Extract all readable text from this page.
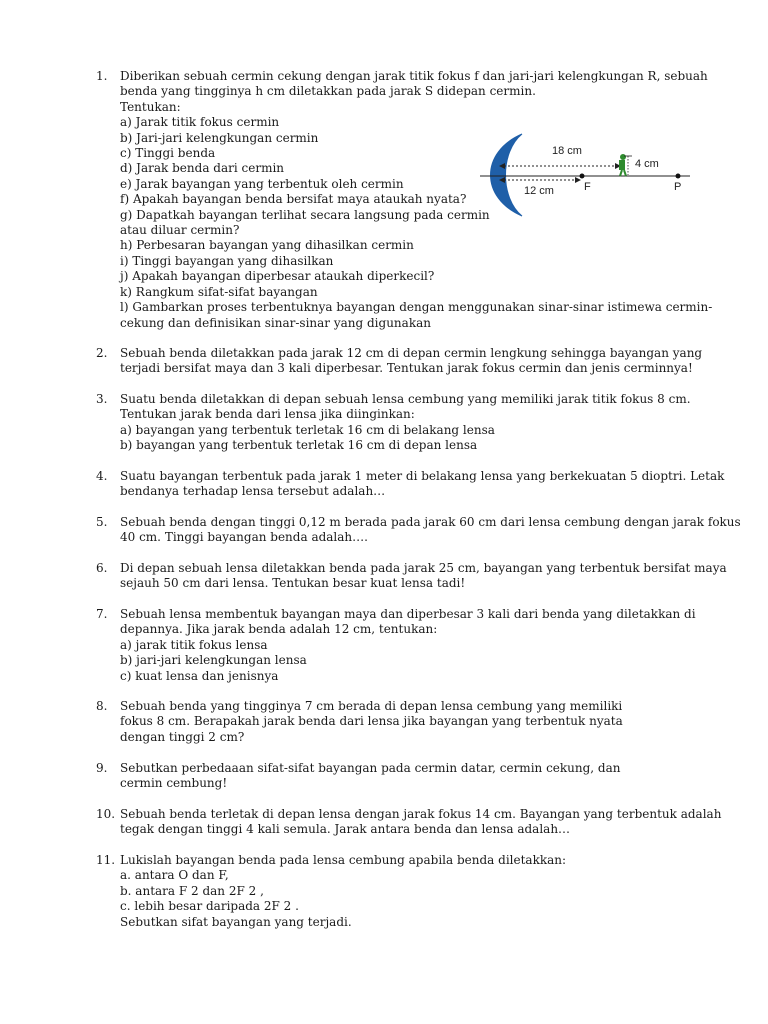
1.	Diberikan sebuah cermin cekung dengan jarak titik fokus f dan jari-jari kelengkungan R, sebuah
benda yang tingginya h cm diletakkan pada jarak S didepan cermin.
Tentukan:
a) Jarak titik fokus cermin
b) Jari-jari kelengkungan cermin
c) Tinggi benda
d) Jarak benda dari cermin
e) Jarak bayangan yang terbentuk oleh cermin
f) Apakah bayangan benda bersifat maya ataukah nyata?
g) Dapatkah bayangan terlihat secara langsung pada cermin
atau diluar cermin?
h) Perbesaran bayangan yang dihasilkan cermin
i) Tinggi bayangan yang dihasilkan
j) Apakah bayangan diperbesar ataukah diperkecil?
k) Rangkum sifat-sifat bayangan
l) Gambarkan proses terbentuknya bayangan dengan menggunakan sinar-sinar istimewa cermin-
cekung dan definisikan sinar-sinar yang digunakan
18 cm
12 cm	F	P
4 cm
2.	Sebuah benda diletakkan pada jarak 12 cm di depan cermin lengkung sehingga bayangan yang
terjadi bersifat maya dan 3 kali diperbesar. Tentukan jarak fokus cermin dan jenis cerminnya!
3.	Suatu benda diletakkan di depan sebuah lensa cembung yang memiliki jarak titik fokus 8 cm.
Tentukan jarak benda dari lensa jika diinginkan:
a) bayangan yang terbentuk terletak 16 cm di belakang lensa
b) bayangan yang terbentuk terletak 16 cm di depan lensa
4.	Suatu bayangan terbentuk pada jarak 1 meter di belakang lensa yang berkekuatan 5 dioptri. Letak
bendanya terhadap lensa tersebut adalah…
5.	Sebuah benda dengan tinggi 0,12 m berada pada jarak 60 cm dari lensa cembung dengan jarak fokus
40 cm. Tinggi bayangan benda adalah….
6.	Di depan sebuah lensa diletakkan benda pada jarak 25 cm, bayangan yang terbentuk bersifat maya
sejauh 50 cm dari lensa. Tentukan besar kuat lensa tadi!
7.	Sebuah lensa membentuk bayangan maya dan diperbesar 3 kali dari benda yang diletakkan di
depannya. Jika jarak benda adalah 12 cm, tentukan:
a) jarak titik fokus lensa
b) jari-jari kelengkungan lensa
c) kuat lensa dan jenisnya
8.	Sebuah benda yang tingginya 7 cm berada di depan lensa cembung yang memiliki
fokus 8 cm. Berapakah jarak benda dari lensa jika bayangan yang terbentuk nyata
dengan tinggi 2 cm?
9.	Sebutkan perbedaaan sifat-sifat bayangan pada cermin datar, cermin cekung, dan
cermin cembung!
10. Sebuah benda terletak di depan lensa dengan jarak fokus 14 cm. Bayangan yang terbentuk adalah
tegak dengan tinggi 4 kali semula. Jarak antara benda dan lensa adalah…
11. Lukislah bayangan benda pada lensa cembung apabila benda diletakkan:
a. antara O dan F,
b. antara F 2 dan 2F 2 ,
c. lebih besar daripada 2F 2 .
Sebutkan sifat bayangan yang terjadi.
